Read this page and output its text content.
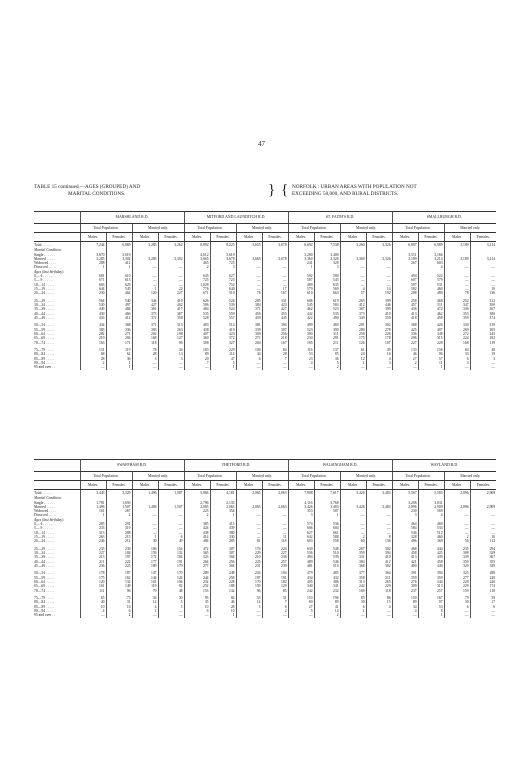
47
TABLE 15 continued.—AGES (GROUPED) AND
MARITAL CONDITIONS.	} { NORFOLK : URBAN AREAS WITH POPULATION NOT
EXCEEDING 50,000, AND RURAL DISTRICTS.
	MARSHLAND R.D.				MITFORD AND LAUNDITCH R.D.				ST. FAITH'S R.D.				SMALLBURGH R.D.			
	Total Population.		Married only.		Total Population.		Married only.		Total Population.		Married only.		Total Population.		Married only.	
	Males.	Females.	Males.	Females.	Males.	Females.	Males.	Females.	Males.	Females.	Males.	Females.	Males.	Females.	Males.	Females.
Total . . . . . .	7,244	6,869	3,285	3,262	8,892	8,225	3,655	3,678	6,692	7,538	3,260	3,326	6,897	6,989	3,189	3,214
Marital Condition.																
Single . . . . . .	3,670	3,019			4,612	3,619			3,280	3,400			3,511	3,166		
Married . . . . .	3,285	3,302	3,285	3,302	3,665	3,678	3,665	3,678	3,360	3,326	3,360	3,326	3,189	3,214	3,189	3,214
Widowed . . . .	288	412			465	725			241	328			267	603		
Divorced . . . .	1	1	—	—	2	3	—	—	1	3	—	—		4	—	—
Ages (last birthday).																
0— 4 . . . . . .	681	610	—	—	645	627	—	—	592	580	—	—	494	522	—	—
5— 9 . . . . . .	671	613	—	—	725	725	—	—	587	543	—	—	607	579	—	—
10—14 . . . . .	663	629	—	—	1,028	752	—	—	489	635	—	—	597	531	—	—
15—19 . . . . .	644	545	1	22	776	640	—	17	579	569	4	14	582	460	—	10
20—24 . . . . .	230	464	120	227	671	510	76	167	610	663	57	192	288	480	78	136

25—29 . . . . .	564	540	344	410	626	526	285	331	686	619	265	399	258	468	252	312
30—34 . . . . .	530	497	427	402	586	539	384	423	545	584	412	446	457	511	347	390
35—39 . . . . .	449	484	381	417	484	524	371	427	462	523	387	399	436	472	336	367
40—44 . . . . .	430	466	373	387	535	559	456	453	442	535	373	410	413	462	353	380
45—49 . . . . .	433	412	372	358	528	557	459	445	422	490	349	359	418	458	359	374

50—54 . . . . .	434	368	371	313	483	514	381	394	499	460	291	302	368	426	330	319
55—59 . . . . .	383	336	303	263	438	419	339	307	523	390	280	278	425	407	269	305
60—64 . . . . .	282	271	202	198	407	423	309	256	300	311	258	226	336	348	272	245
65—69 . . . . .	219	204	168	127	360	372	271	218	234	291	175	178	296	315	224	182
70—74 . . . . .	163	171	118	90	308	327	204	167	185	211	126	107	227	228	168	119

75—79 . . . . .	131	119	78	44	183	229	100	84	116	137	61	49	133	156	84	40
80—84 . . . . .	68	62	28	13	89	114	44	28	53	85	24	16	46	96	33	19
85—89 . . . . .	28	36	3	3	20	47	6	7	23	36	12	4	27	57	6	3
90—94 . . . . .	2	1	—	—	7	5	—	—	4	5	1	3	2	11	3	—
95 and over . .	—	1	—	—	—	1	—	—	—	2	—	—	—	1	—	—
	SWAFFHAM R.D.				THETFORD R.D.				WALSINGHAM R.D.				WAYLAND R.D.			
	Total Population.		Married only.		Total Population.		Married only.		Total Population.		Married only.		Total Population.		Married only.	
	Males.	Females.	Males.	Females.	Males.	Females.	Males.	Females.	Males.	Females.	Males.	Females.	Males.	Females.	Males.	Females.
Total . . . . . .	3,443	3,329	1,496	1,587	5,866	4,181	2,065	2,063	7,908	7,617	3,426	3,483	5,567	5,583	2,896	2,909
Marital Condition.																
Single . . . . . .	1,781	1,650			2,796	2,133			4,116	3,768			3,206	3,031		
Married . . . . .	1,496	1,507	1,496	1,507	2,065	2,063	2,065	2,063	3,426	3,483	3,426	3,483	2,896	2,909	2,896	2,909
Widowed . . . .	161	267			223	354			353	587			230	569		
Divorced . . . .	1	2	—	—	2	1	—	—	3	1	—	—	3	4	—	—
Ages (last birthday).																
0— 4 . . . . . .	285	291	—	—	385	415	—	—	574	536	—	—	464	469	—	—
5— 9 . . . . . .	233	319	—	—	424	439	—	—	606	604	—	—	584	534	—	—
10—14 . . . . .	313	288	—	—	438	380	—	—	627	661	—	—	546	512	—	—
15—19 . . . . .	263	215	1	6	414	330	—	11	642	588	2	8	328	460	2	10
20—24 . . . . .	246	212	30	49	484	285	81	118	603	558	60	136	496	369	56	112

25—29 . . . . .	235	239	106	154	472	307	176	224	630	548	287	302	468	444	235	294
30—34 . . . . .	227	184	159	132	365	307	229	227	536	510	359	394	458	425	308	329
35—39 . . . . .	213	197	172	184	323	304	210	236	494	539	331	410	413	439	339	367
40—44 . . . . .	211	222	177	191	264	256	225	257	489	546	384	412	421	458	350	355
45—49 . . . . .	236	225	189	179	277	304	231	239	481	510	368	382	400	440	329	339

50—54 . . . . .	178	187	147	170	289	248	234	194	479	485	377	364	391	394	325	288
55—59 . . . . .	175	162	144	124	244	258	197	191	434	432	358	311	359	359	277	228
60—64 . . . . .	120	132	101	104	232	228	170	182	405	386	313	265	276	344	228	226
65—69 . . . . .	161	149	119	92	252	188	159	129	340	341	242	229	309	313	229	174
70—74 . . . . .	111	96	79	48	153	132	96	85	242	232	169	118	237	257	159	118

75—79 . . . . .	65	73	34	30	93	84	53	31	153	196	85	86	150	167	79	59
80—84 . . . . .	40	31	14	5	35	46	14	7	69	89	30	15	89	97	30	17
85—89 . . . . .	10	16	4	3	10	28	3	6	27	41	6	4	34	53	6	6
90—94 . . . . .	4	6	1	—	6	10	—	2	5	14	1	—	4	8	—	—
95 and over . .	—	2	—	—	—	1	—	—	—	2	—	—	—	1	—	—
